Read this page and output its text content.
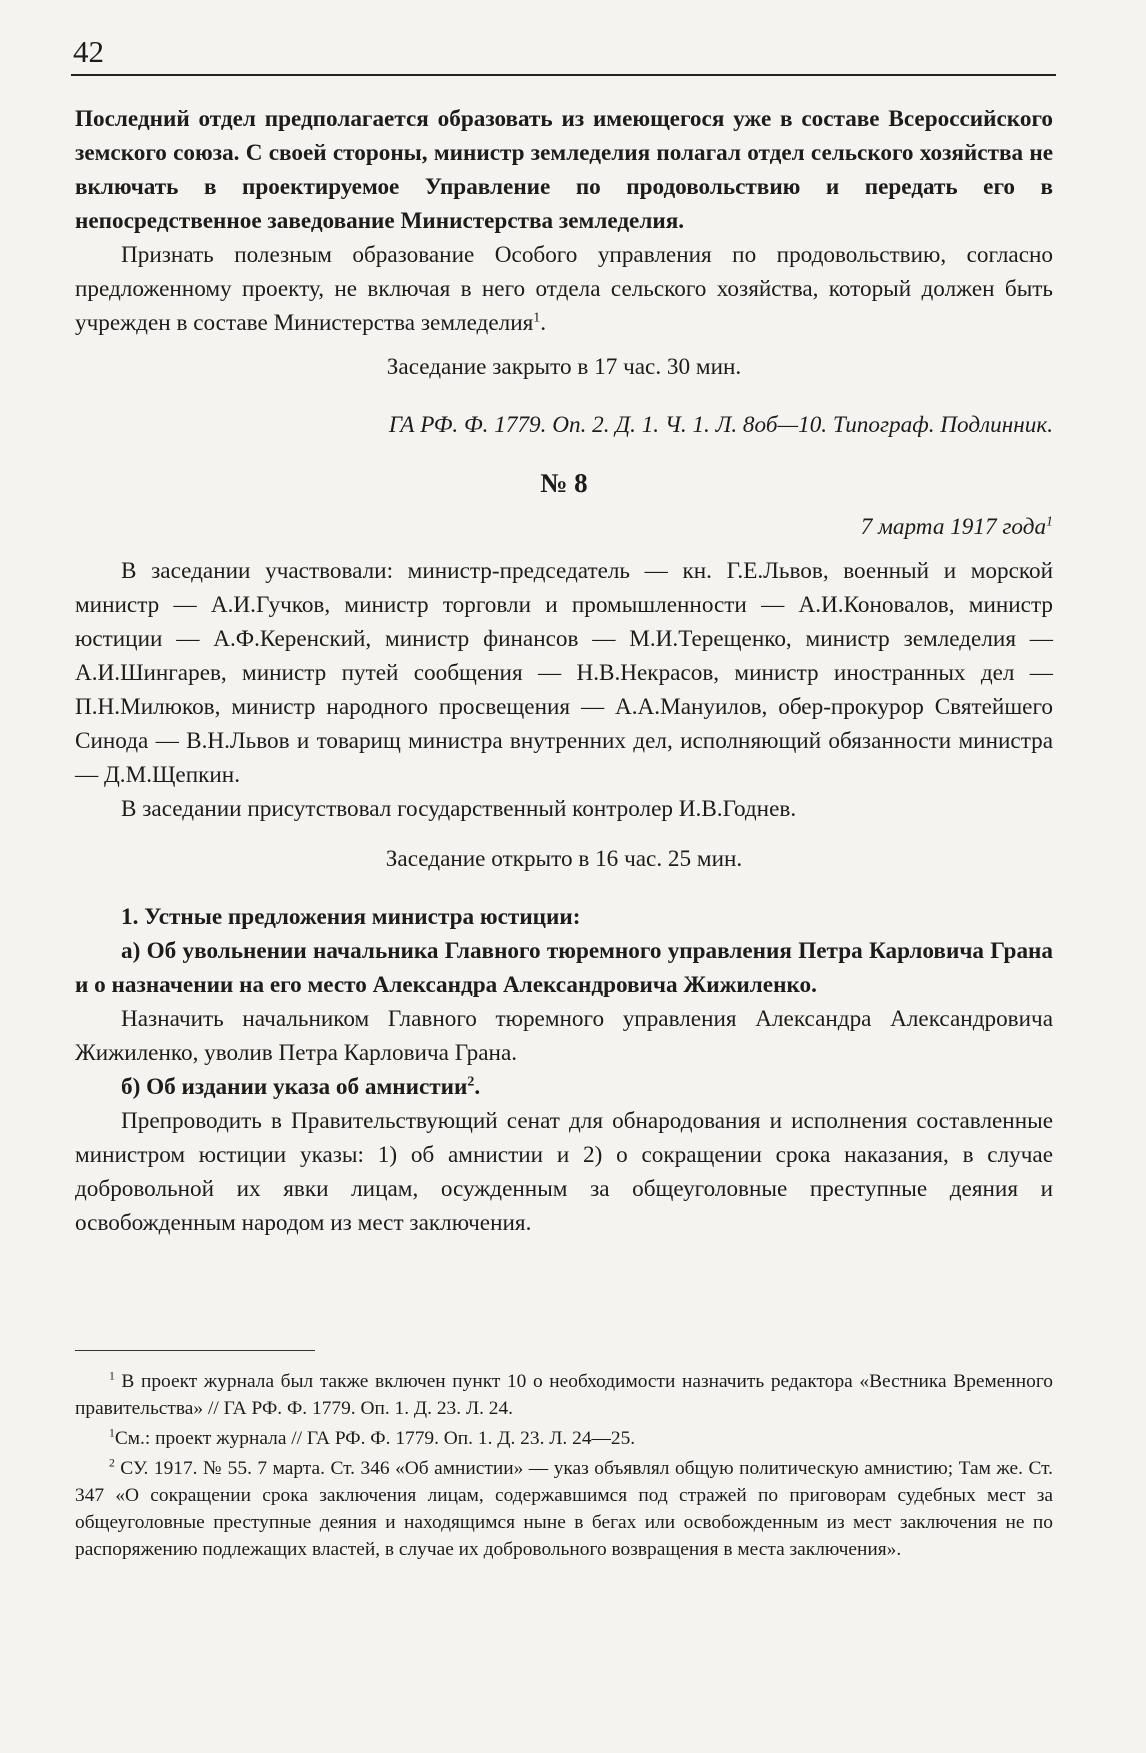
42

Последний отдел предполагается образовать из имеющегося уже в составе Всероссийского земского союза. С своей стороны, министр земледелия полагал отдел сельского хозяйства не включать в проектируемое Управление по продовольствию и передать его в непосредственное заведование Министерства земледелия.

Признать полезным образование Особого управления по продовольствию, согласно предложенному проекту, не включая в него отдела сельского хозяйства, который должен быть учрежден в составе Министерства земледелия$^1$.

Заседание закрыто в 17 час. 30 мин.

ГА РФ. Ф. 1779. Оп. 2. Д. 1. Ч. 1. Л. 8об—10. Типограф. Подлинник.

№ 8

7 марта 1917 года$^1$

В заседании участвовали: министр-председатель — кн. Г.Е.Львов, военный и морской министр — А.И.Гучков, министр торговли и промышленности — А.И.Коновалов, министр юстиции — А.Ф.Керенский, министр финансов — М.И.Терещенко, министр земледелия — А.И.Шингарев, министр путей сообщения — Н.В.Некрасов, министр иностранных дел — П.Н.Милюков, министр народного просвещения — А.А.Мануилов, обер-прокурор Святейшего Синода — В.Н.Львов и товарищ министра внутренних дел, исполняющий обязанности министра — Д.М.Щепкин.

В заседании присутствовал государственный контролер И.В.Годнев.

Заседание открыто в 16 час. 25 мин.

1. Устные предложения министра юстиции:

а) Об увольнении начальника Главного тюремного управления Петра Карловича Грана и о назначении на его место Александра Александровича Жижиленко.

Назначить начальником Главного тюремного управления Александра Александровича Жижиленко, уволив Петра Карловича Грана.

б) Об издании указа об амнистии$^2$.

Препроводить в Правительствующий сенат для обнародования и исполнения составленные министром юстиции указы: 1) об амнистии и 2) о сокращении срока наказания, в случае добровольной их явки лицам, осужденным за общеуголовные преступные деяния и освобожденным народом из мест заключения.

$^1$ В проект журнала был также включен пункт 10 о необходимости назначить редактора «Вестника Временного правительства» // ГА РФ. Ф. 1779. Оп. 1. Д. 23. Л. 24.

$^1$См.: проект журнала // ГА РФ. Ф. 1779. Оп. 1. Д. 23. Л. 24—25.

$^2$ СУ. 1917. № 55. 7 марта. Ст. 346 «Об амнистии» — указ объявлял общую политическую амнистию; Там же. Ст. 347 «О сокращении срока заключения лицам, содержавшимся под стражей по приговорам судебных мест за общеуголовные преступные деяния и находящимся ныне в бегах или освобожденным из мест заключения не по распоряжению подлежащих властей, в случае их добровольного возвращения в места заключения».
